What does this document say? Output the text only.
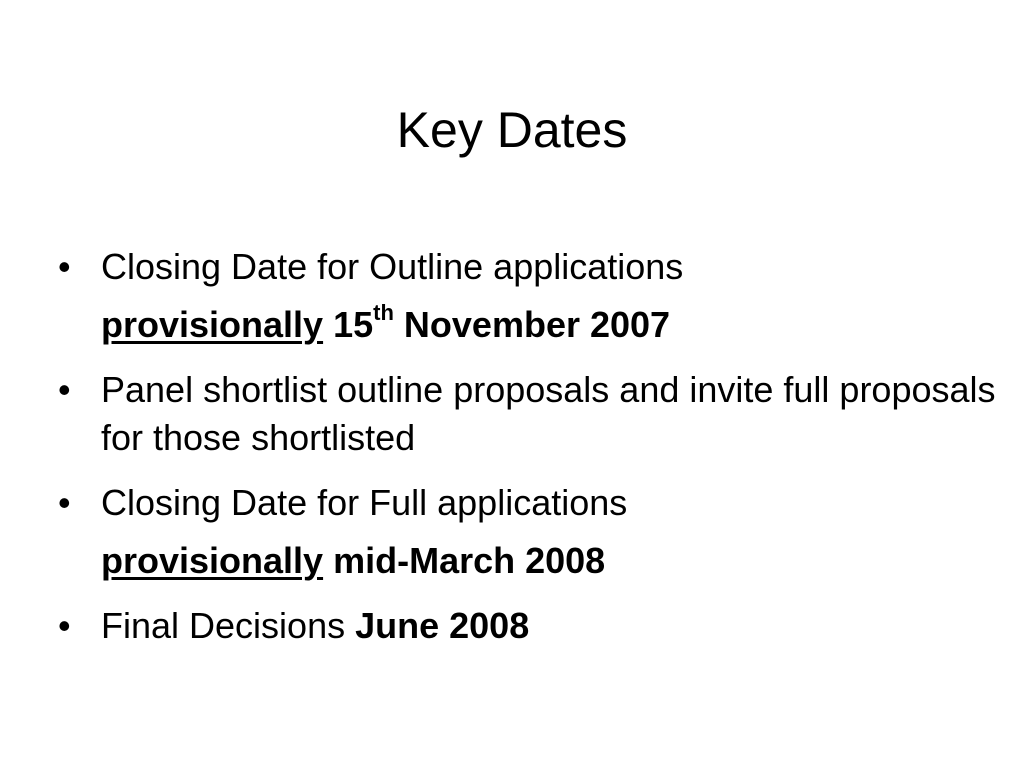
Key Dates
• Closing Date for Outline applications
provisionally 15th November 2007
• Panel shortlist outline proposals and invite full proposals for those shortlisted
• Closing Date for Full applications
provisionally mid-March 2008
• Final Decisions June 2008
